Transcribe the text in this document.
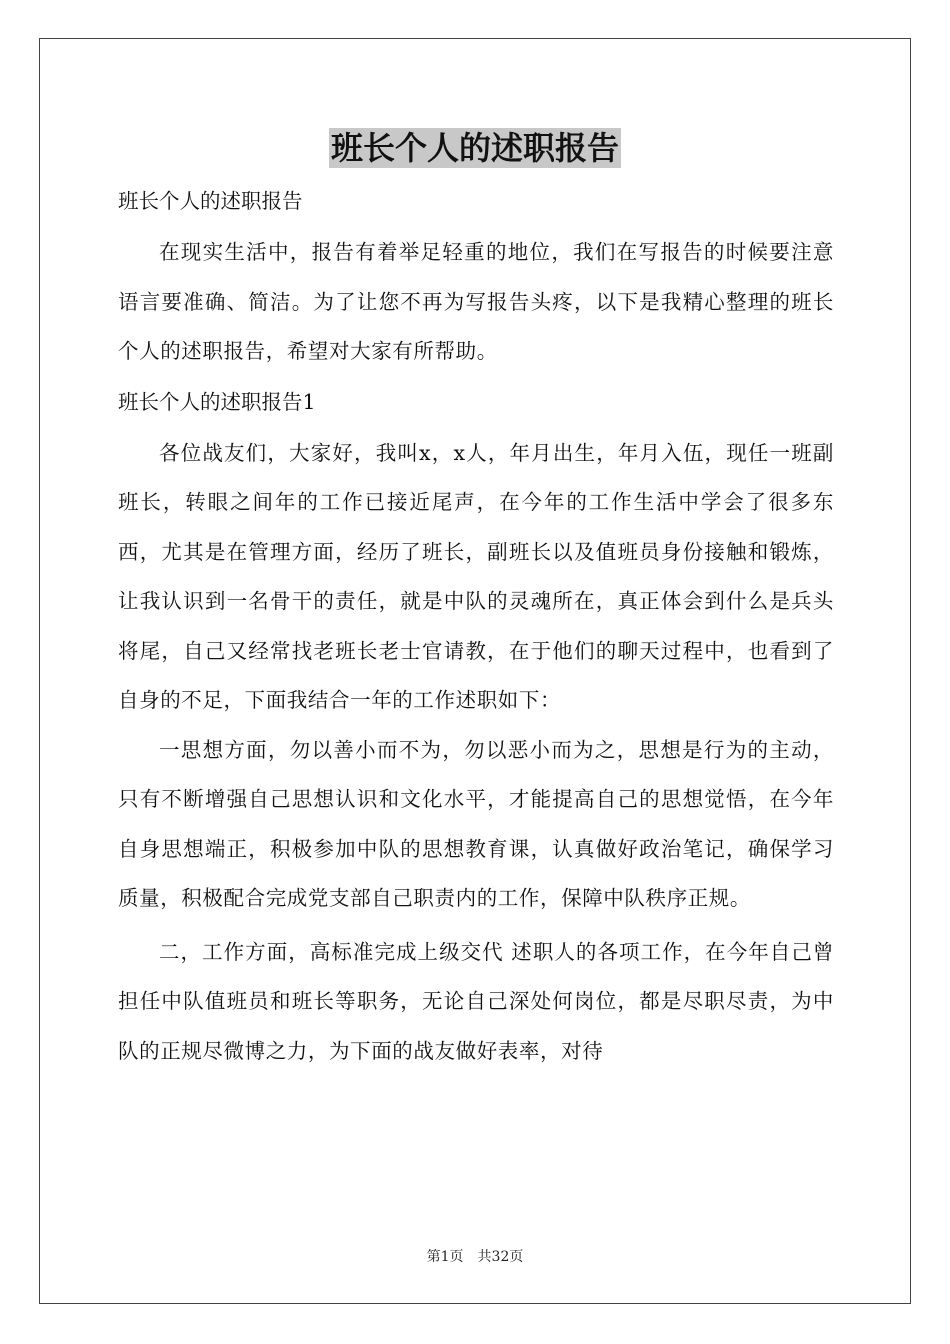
班长个人的述职报告

班长个人的述职报告

在现实生活中，报告有着举足轻重的地位，我们在写报告的时候要注意语言要准确、简洁。为了让您不再为写报告头疼，以下是我精心整理的班长个人的述职报告，希望对大家有所帮助。

班长个人的述职报告1

各位战友们，大家好，我叫x，x人，年月出生，年月入伍，现任一班副班长，转眼之间年的工作已接近尾声，在今年的工作生活中学会了很多东西，尤其是在管理方面，经历了班长，副班长以及值班员身份接触和锻炼，让我认识到一名骨干的责任，就是中队的灵魂所在，真正体会到什么是兵头将尾，自己又经常找老班长老士官请教，在于他们的聊天过程中，也看到了自身的不足，下面我结合一年的工作述职如下：

一思想方面，勿以善小而不为，勿以恶小而为之，思想是行为的主动，只有不断增强自己思想认识和文化水平，才能提高自己的思想觉悟，在今年自身思想端正，积极参加中队的思想教育课，认真做好政治笔记，确保学习质量，积极配合完成党支部自己职责内的工作，保障中队秩序正规。

二，工作方面，高标准完成上级交代 述职人的各项工作，在今年自己曾担任中队值班员和班长等职务，无论自己深处何岗位，都是尽职尽责，为中队的正规尽微博之力，为下面的战友做好表率，对待

第1页　共32页
